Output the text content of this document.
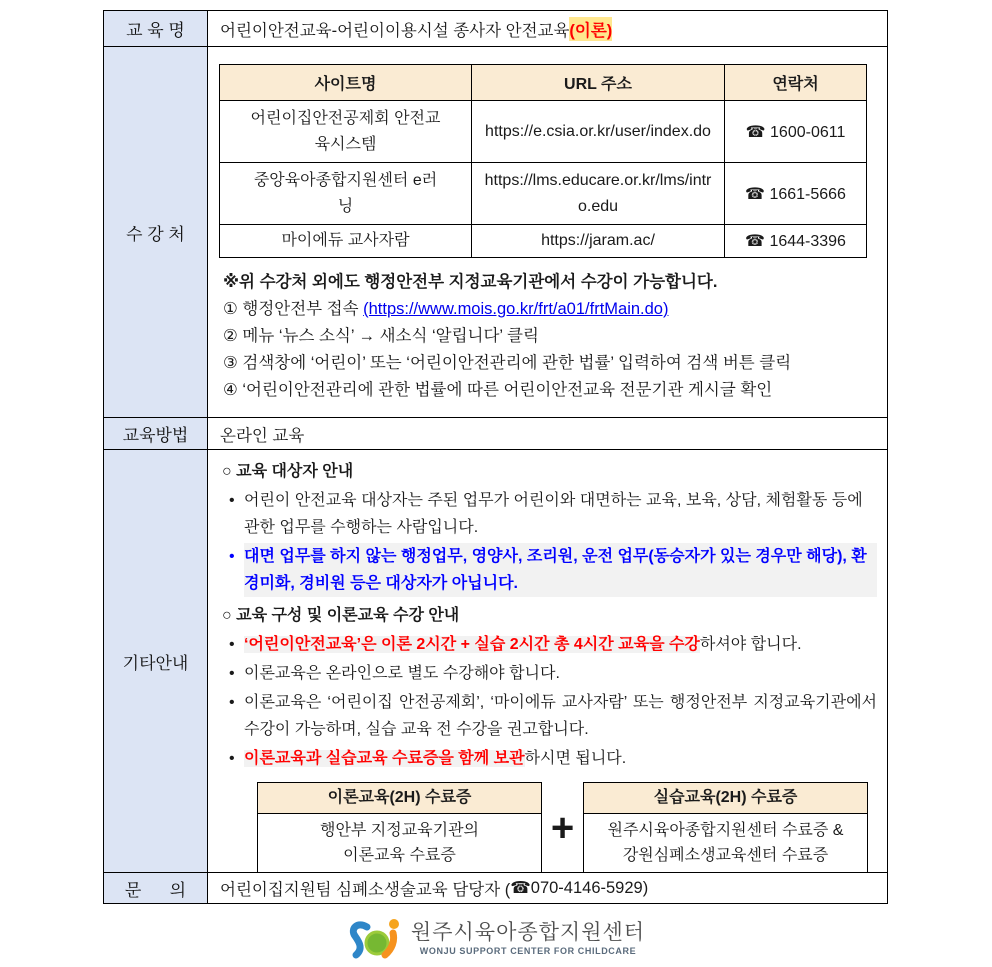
교 육 명	어린이안전교육-어린이이용시설 종사자 안전교육 (이론)
수 강 처
사이트명	URL 주소	연락처
어린이집안전공제회 안전교육시스템	https://e.csia.or.kr/user/index.do	☎ 1600-0611
중앙육아종합지원센터 e러닝	https://lms.educare.or.kr/lms/intro.edu	☎ 1661-5666
마이에듀 교사자람	https://jaram.ac/	☎ 1644-3396
※위 수강처 외에도 행정안전부 지정교육기관에서 수강이 가능합니다.
① 행정안전부 접속 (https://www.mois.go.kr/frt/a01/frtMain.do)
② 메뉴 ‘뉴스 소식’ → 새소식 ‘알립니다’ 클릭
③ 검색창에 ‘어린이’ 또는 ‘어린이안전관리에 관한 법률’ 입력하여 검색 버튼 클릭
④ ‘어린이안전관리에 관한 법률에 따른 어린이안전교육 전문기관 게시글 확인
교육방법	온라인 교육
기타안내
○ 교육 대상자 안내
• 어린이 안전교육 대상자는 주된 업무가 어린이와 대면하는 교육, 보육, 상담, 체험활동 등에 관한 업무를 수행하는 사람입니다.
• 대면 업무를 하지 않는 행정업무, 영양사, 조리원, 운전 업무(동승자가 있는 경우만 해당), 환경미화, 경비원 등은 대상자가 아닙니다.
○ 교육 구성 및 이론교육 수강 안내
• ‘어린이안전교육’은 이론 2시간 + 실습 2시간 총 4시간 교육을 수강하셔야 합니다.
• 이론교육은 온라인으로 별도 수강해야 합니다.
• 이론교육은 ‘어린이집 안전공제회’, ‘마이에듀 교사자람’ 또는 행정안전부 지정교육기관에서 수강이 가능하며, 실습 교육 전 수강을 권고합니다.
• 이론교육과 실습교육 수료증을 함께 보관하시면 됩니다.
이론교육(2H) 수료증
행안부 지정교육기관의
이론교육 수료증
+
실습교육(2H) 수료증
원주시육아종합지원센터 수료증 &
강원심폐소생교육센터 수료증
문      의	어린이집지원팀 심폐소생술교육 담당자 ( ☎ 070-4146-5929 )
원주시육아종합지원센터
WONJU SUPPORT CENTER FOR CHILDCARE
